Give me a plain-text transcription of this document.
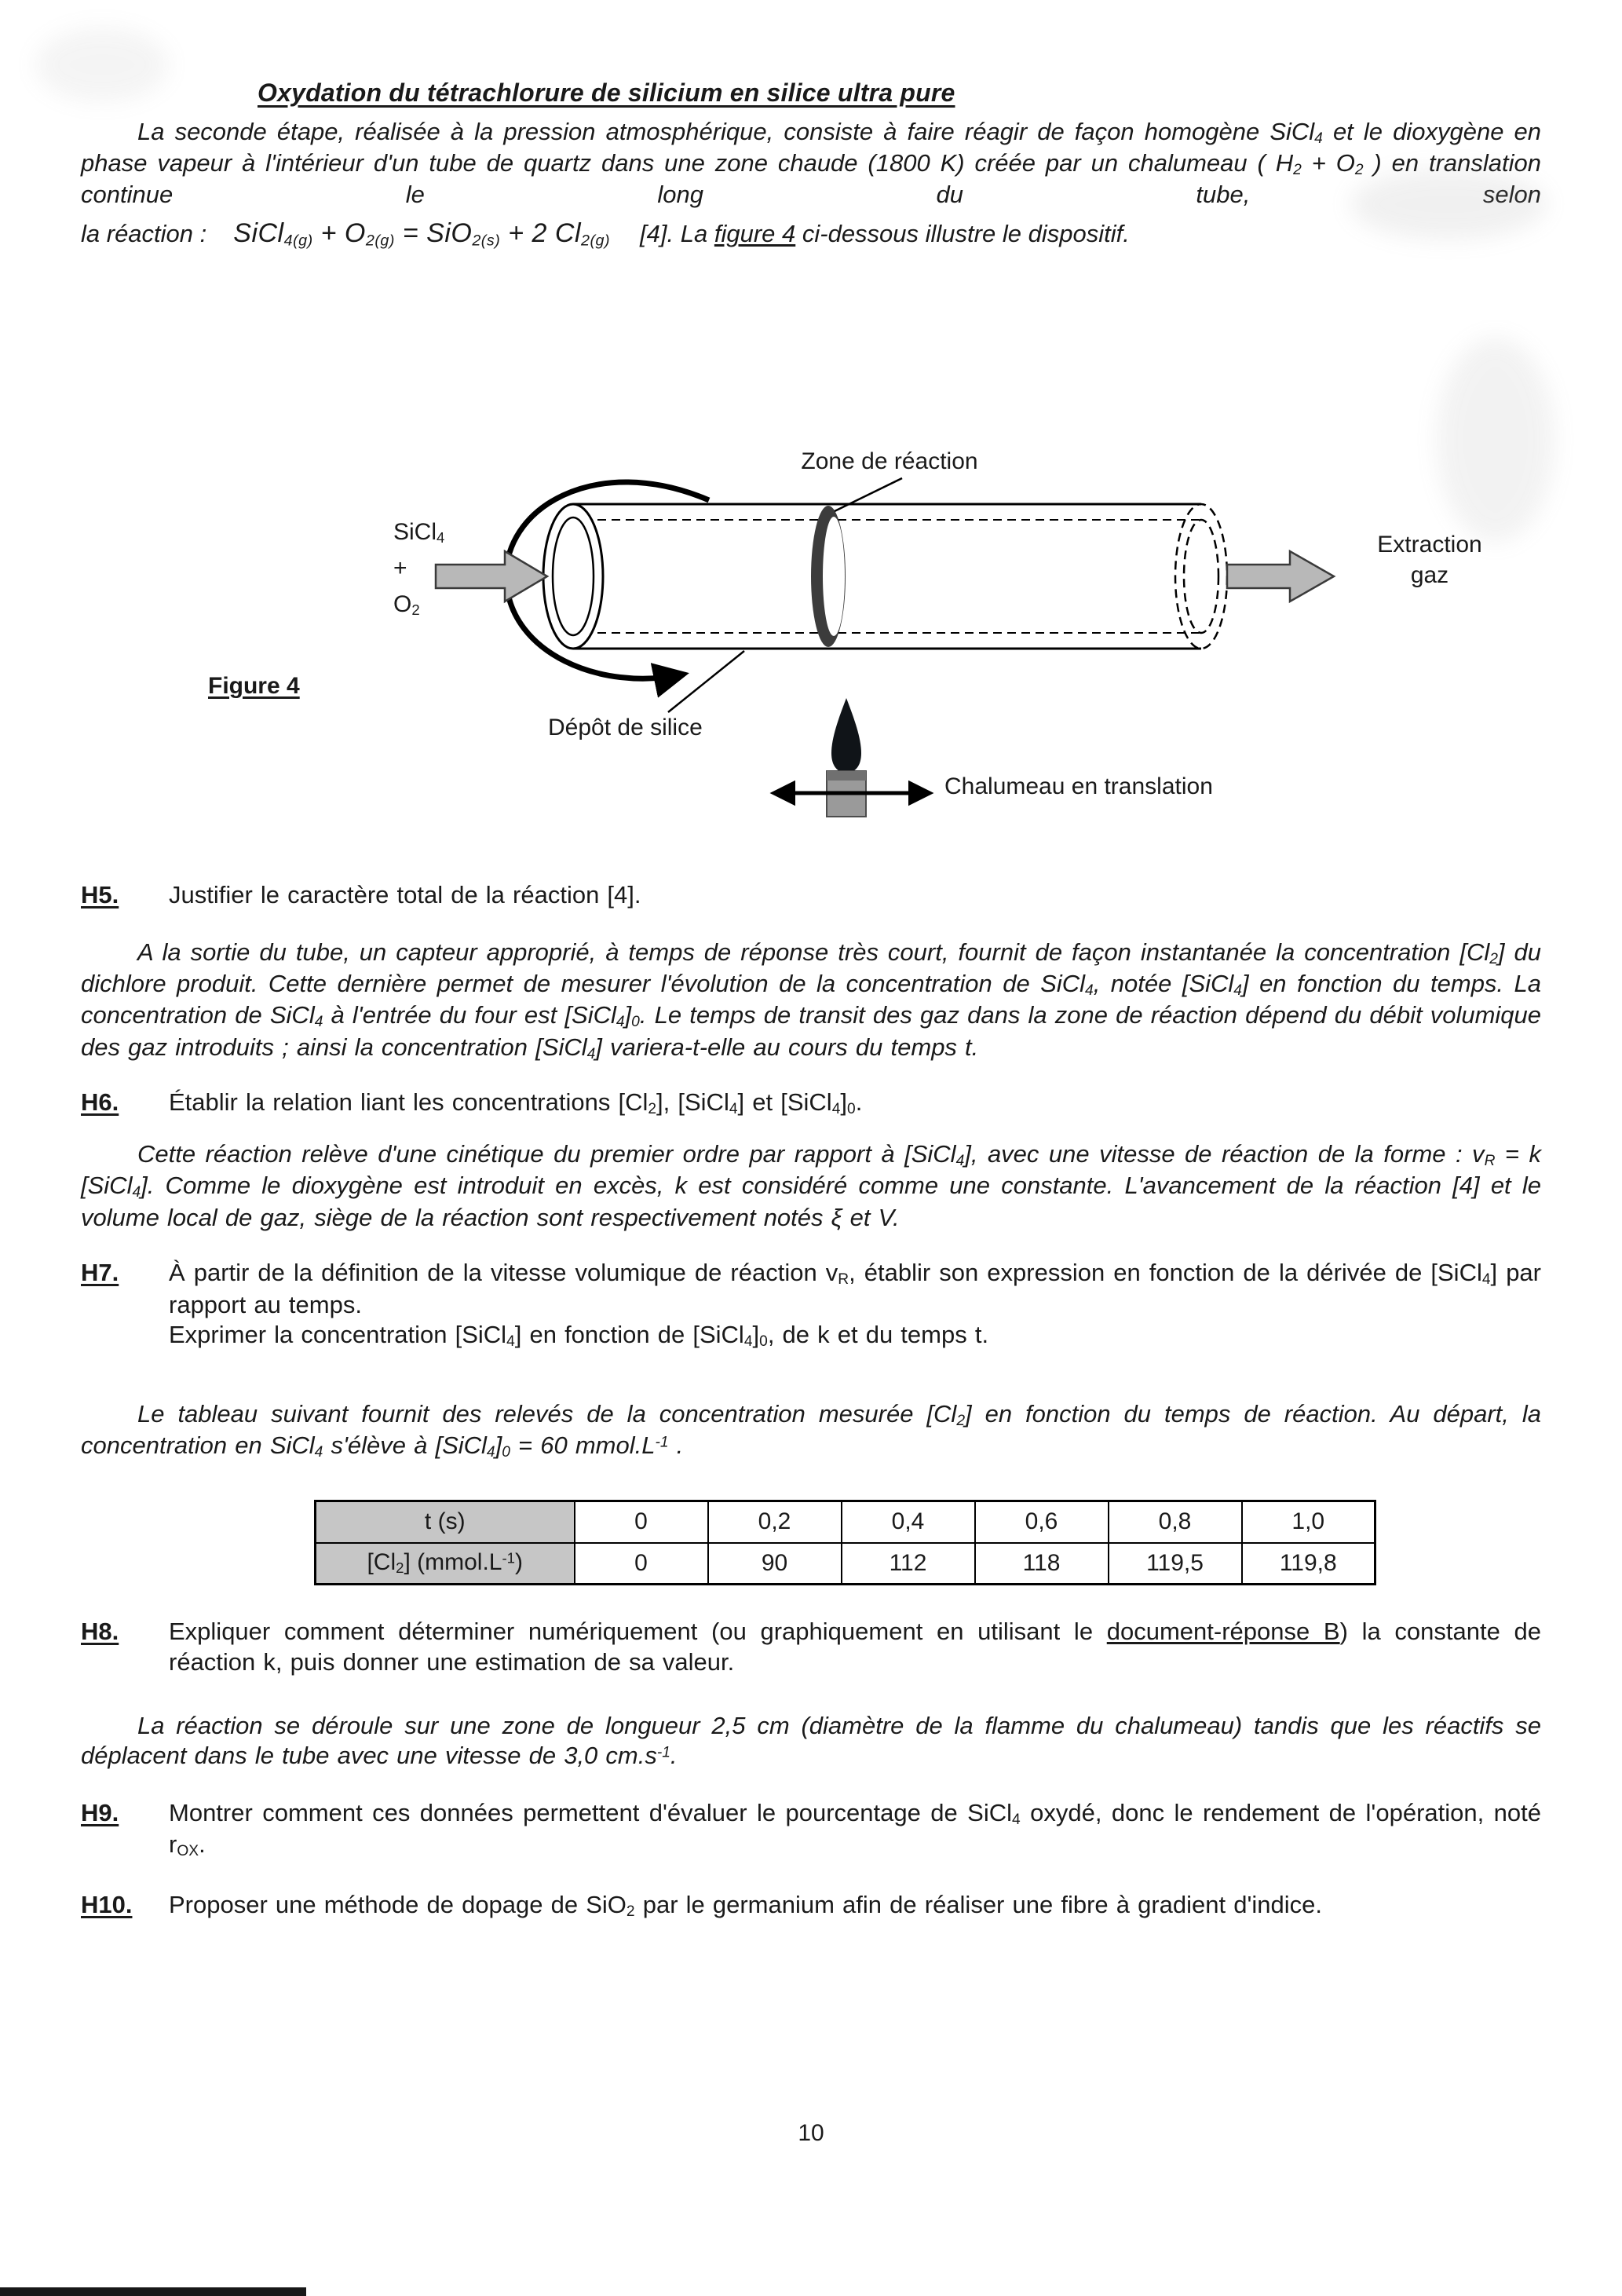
Oxydation du tétrachlorure de silicium en silice ultra pure

La seconde étape, réalisée à la pression atmosphérique, consiste à faire réagir de façon homogène SiCl$_4$ et le dioxygène en phase vapeur à l'intérieur d'un tube de quartz dans une zone chaude (1800 K) créée par un chalumeau ( $H_2 + O_2$ ) en translation continue le long du tube, selon

la réaction : SiCl$_{4(g)}$ + $O_{2(g)} = SiO_{2(s)} + 2$ $Cl_{2(g)}$ [4]. La figure 4 ci-dessous illustre le dispositif.

Zone de réaction
SiCl$_4$
+
$O_2$
Extraction
gaz
Figure 4
Dépôt de silice
Chalumeau en translation
H5.	Justifier le caractère total de la réaction [4].

A la sortie du tube, un capteur approprié, à temps de réponse très court, fournit de façon instantanée la concentration $[Cl_2]$ du dichlore produit. Cette dernière permet de mesurer l'évolution de la concentration de SiCl$_4$, notée [SiCl$_4$] en fonction du temps. La concentration de SiCl$_4$ à l'entrée du four est $[SiCl_4]_0$. Le temps de transit des gaz dans la zone de réaction dépend du débit volumique des gaz introduits ; ainsi la concentration [SiCl$_4$] variera-t-elle au cours du temps t.

H6.	Établir la relation liant les concentrations $[Cl_2]$, [SiCl$_4$] et $[SiCl_4]_0$.

Cette réaction relève d'une cinétique du premier ordre par rapport à [SiCl$_4$], avec une vitesse de réaction de la forme : $v_R = k$ [SiCl$_4$]. Comme le dioxygène est introduit en excès, k est considéré comme une constante. L'avancement de la réaction [4] et le volume local de gaz, siège de la réaction sont respectivement notés ξ et V.

H7.	À partir de la définition de la vitesse volumique de réaction $v_R$, établir son expression en fonction de la dérivée de [SiCl$_4$] par rapport au temps.
Exprimer la concentration [SiCl$_4$] en fonction de $[SiCl_4]_0$, de k et du temps t.

Le tableau suivant fournit des relevés de la concentration mesurée $[Cl_2]$ en fonction du temps de réaction. Au départ, la concentration en SiCl$_4$ s'élève à $[SiCl_4]_0 = 60$ $mmol.L^{-1}$ .

t (s)	0	0,2	0,4	0,6	0,8	1,0
$[Cl_2]$ $(mmol.L^{-1})$	0	90	112	118	119,5	119,8
H8.	Expliquer comment déterminer numériquement (ou graphiquement en utilisant le document-réponse B) la constante de réaction k, puis donner une estimation de sa valeur.

La réaction se déroule sur une zone de longueur 2,5 cm (diamètre de la flamme du chalumeau) tandis que les réactifs se déplacent dans le tube avec une vitesse de 3,0 $cm.s^{-1}$.

H9.	Montrer comment ces données permettent d'évaluer le pourcentage de SiCl$_4$ oxydé, donc le rendement de l'opération, noté $r_{OX}$.
H10.	Proposer une méthode de dopage de SiO$_2$ par le germanium afin de réaliser une fibre à gradient d'indice.
10
